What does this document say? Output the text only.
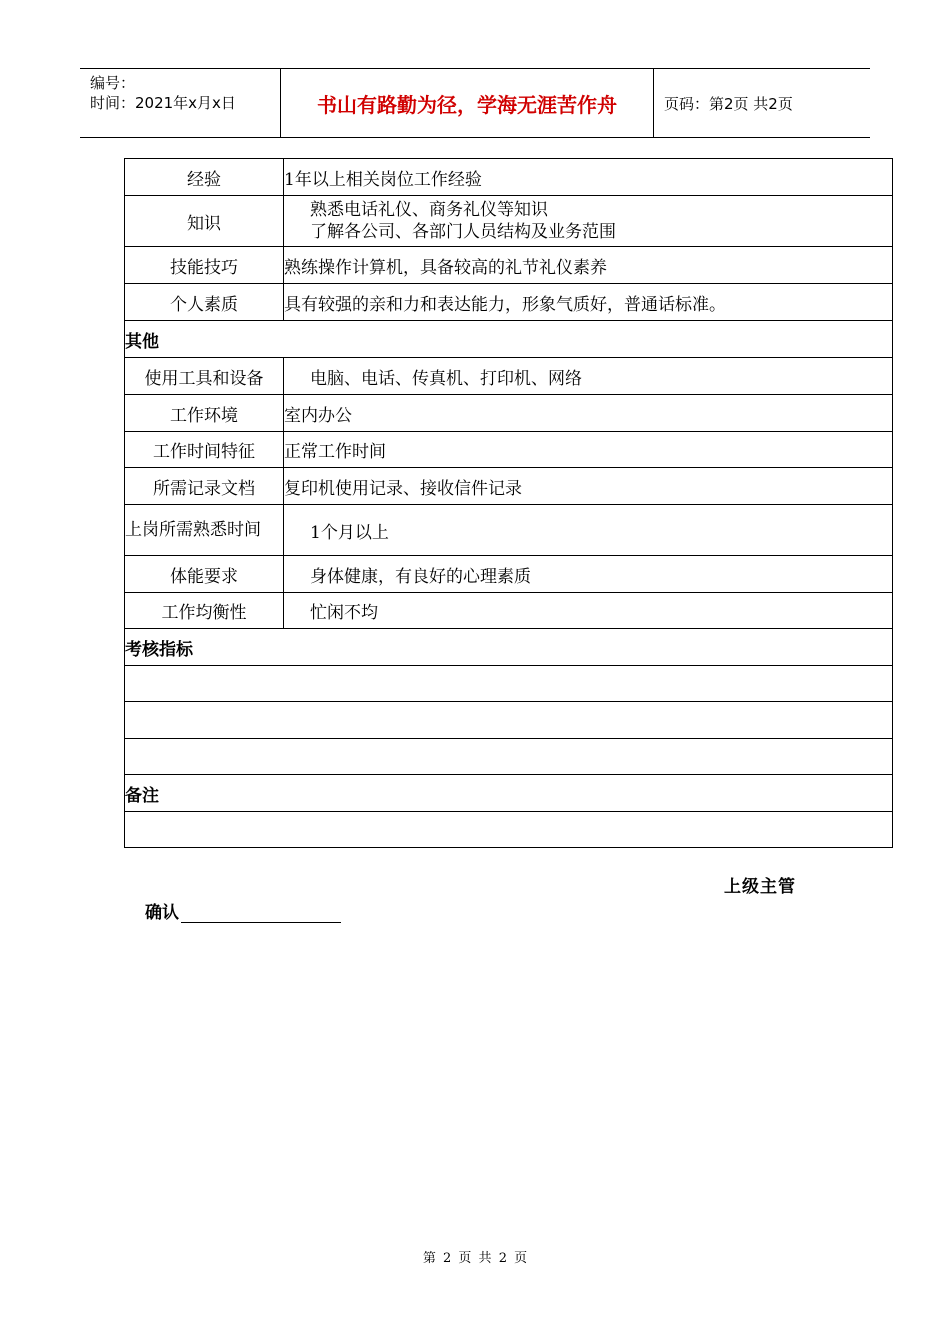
编号：
时间：2021年x月x日	书山有路勤为径，学海无涯苦作舟	页码：第2页 共2页
经验	1年以上相关岗位工作经验
知识	熟悉电话礼仪、商务礼仪等知识
了解各公司、各部门人员结构及业务范围

技能技巧	熟练操作计算机，具备较高的礼节礼仪素养
个人素质	具有较强的亲和力和表达能力，形象气质好，普通话标准。
其他	
使用工具和设备	电脑、电话、传真机、打印机、网络
工作环境	室内办公
工作时间特征	正常工作时间
所需记录文档	复印机使用记录、接收信件记录
上岗所需熟悉时间	1个月以上
体能要求	身体健康，有良好的心理素质
工作均衡性	忙闲不均
考核指标	

备注	

上级主管
确认
第 2 页 共 2 页
